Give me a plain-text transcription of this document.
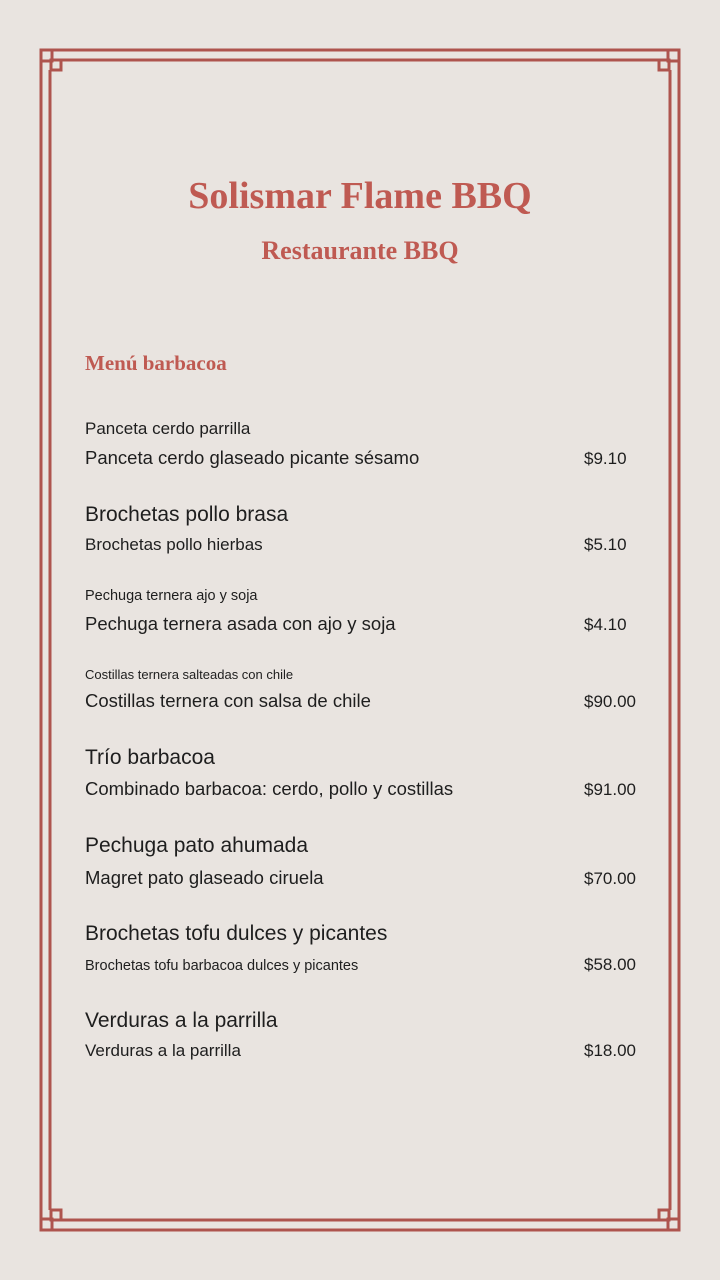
Solismar Flame BBQ
Restaurante BBQ
Menú barbacoa
Panceta cerdo parrilla
Panceta cerdo glaseado picante sésamo	$9.10
Brochetas pollo brasa
Brochetas pollo hierbas	$5.10
Pechuga ternera ajo y soja
Pechuga ternera asada con ajo y soja	$4.10
Costillas ternera salteadas con chile
Costillas ternera con salsa de chile	$90.00
Trío barbacoa
Combinado barbacoa: cerdo, pollo y costillas	$91.00
Pechuga pato ahumada
Magret pato glaseado ciruela	$70.00
Brochetas tofu dulces y picantes
Brochetas tofu barbacoa dulces y picantes	$58.00
Verduras a la parrilla
Verduras a la parrilla	$18.00
